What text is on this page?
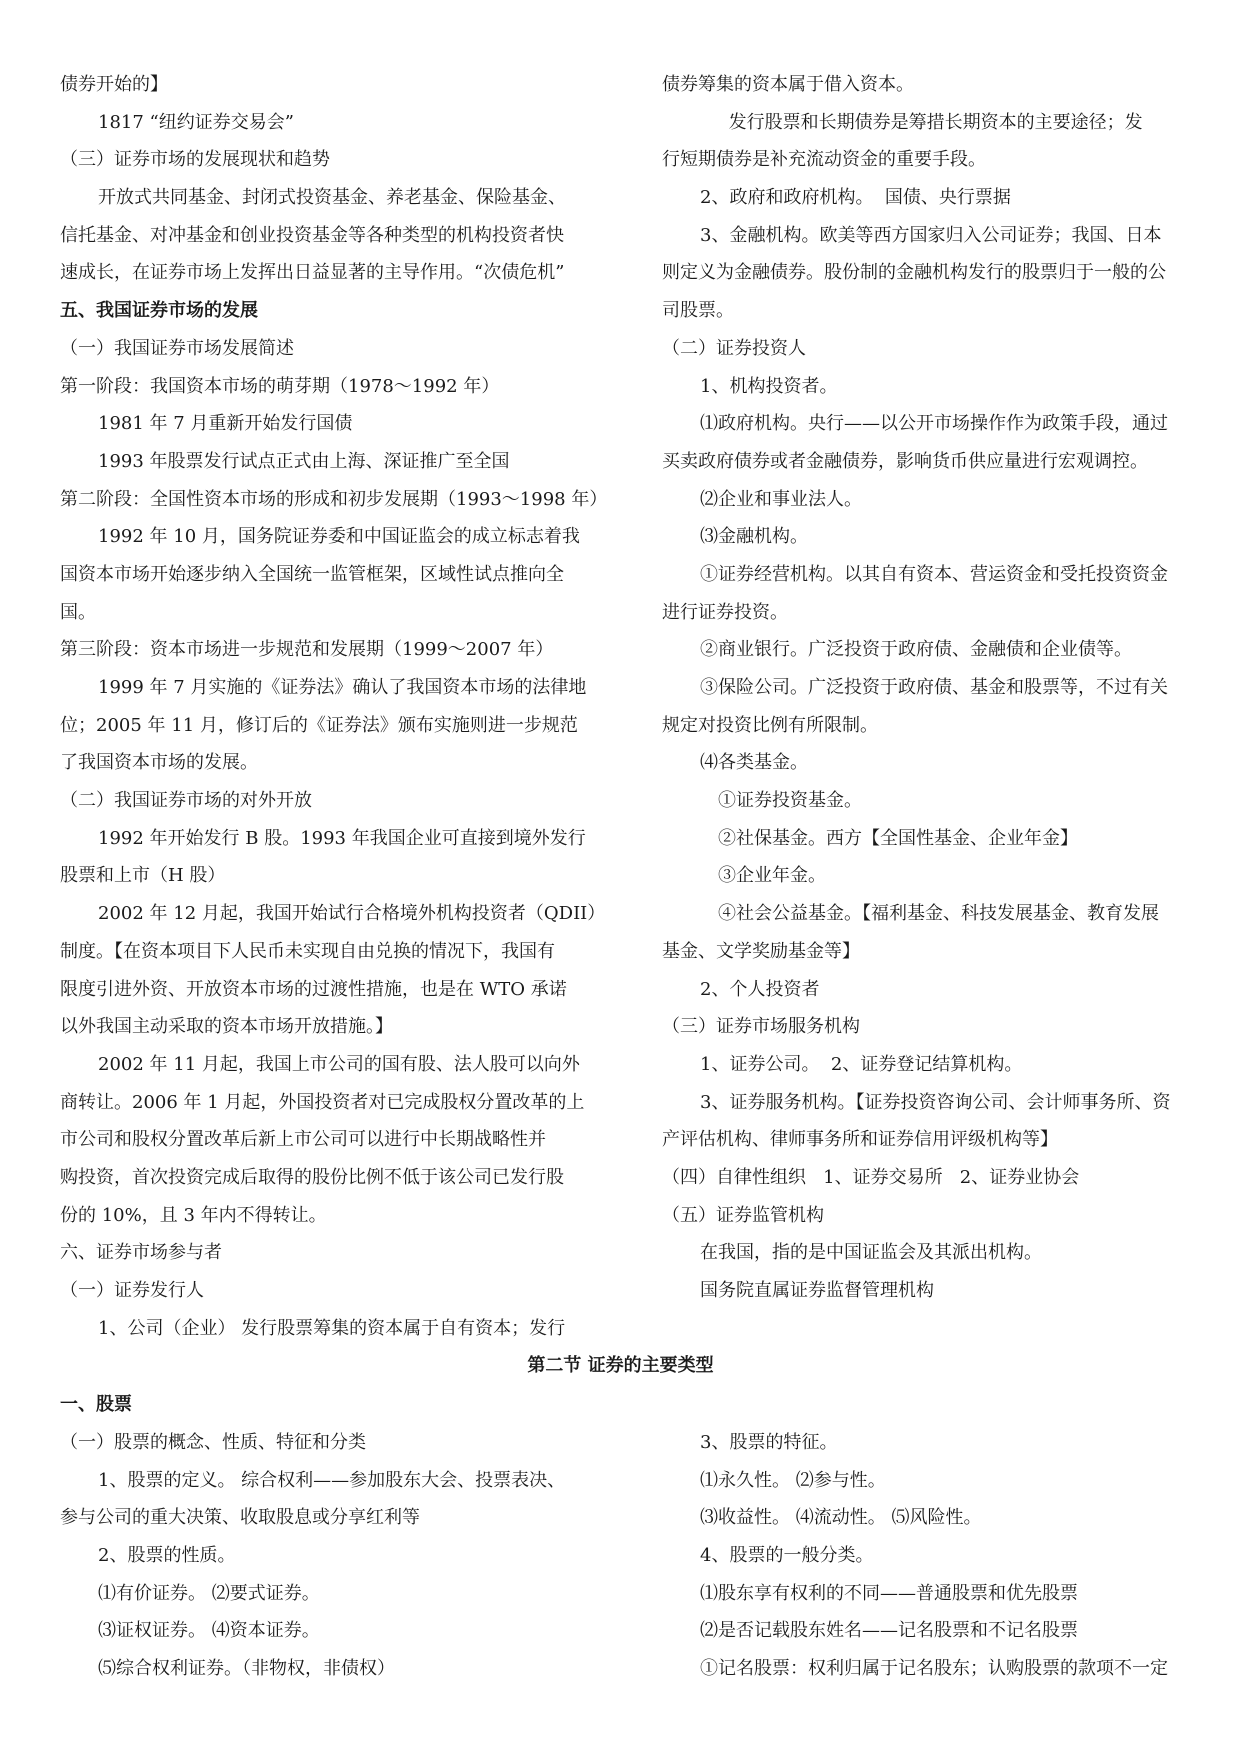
债券开始的】
1817 “纽约证券交易会”
（三）证券市场的发展现状和趋势
开放式共同基金、封闭式投资基金、养老基金、保险基金、
信托基金、对冲基金和创业投资基金等各种类型的机构投资者快
速成长，在证券市场上发挥出日益显著的主导作用。“次债危机”
五、我国证券市场的发展
（一）我国证券市场发展简述
第一阶段：我国资本市场的萌芽期（1978～1992 年）
1981 年 7 月重新开始发行国债
1993 年股票发行试点正式由上海、深证推广至全国
第二阶段：全国性资本市场的形成和初步发展期（1993～1998 年）
1992 年 10 月，国务院证券委和中国证监会的成立标志着我
国资本市场开始逐步纳入全国统一监管框架，区域性试点推向全
国。
第三阶段：资本市场进一步规范和发展期（1999～2007 年）
1999 年 7 月实施的《证券法》确认了我国资本市场的法律地
位；2005 年 11 月，修订后的《证券法》颁布实施则进一步规范
了我国资本市场的发展。
（二）我国证券市场的对外开放
1992 年开始发行 B 股。1993 年我国企业可直接到境外发行
股票和上市（H 股）
2002 年 12 月起，我国开始试行合格境外机构投资者（QDII）
制度。【在资本项目下人民币未实现自由兑换的情况下，我国有
限度引进外资、开放资本市场的过渡性措施，也是在 WTO 承诺
以外我国主动采取的资本市场开放措施。】
2002 年 11 月起，我国上市公司的国有股、法人股可以向外
商转让。2006 年 1 月起，外国投资者对已完成股权分置改革的上
市公司和股权分置改革后新上市公司可以进行中长期战略性并
购投资，首次投资完成后取得的股份比例不低于该公司已发行股
份的 10%，且 3 年内不得转让。
六、证券市场参与者
（一）证券发行人
1、公司（企业） 发行股票筹集的资本属于自有资本；发行
债券筹集的资本属于借入资本。
发行股票和长期债券是筹措长期资本的主要途径；发
行短期债券是补充流动资金的重要手段。
2、政府和政府机构。  国债、央行票据
3、金融机构。欧美等西方国家归入公司证券；我国、日本
则定义为金融债券。股份制的金融机构发行的股票归于一般的公
司股票。
（二）证券投资人
1、机构投资者。
⑴政府机构。央行——以公开市场操作作为政策手段，通过
买卖政府债券或者金融债券，影响货币供应量进行宏观调控。
⑵企业和事业法人。
⑶金融机构。
①证券经营机构。以其自有资本、营运资金和受托投资资金
进行证券投资。
②商业银行。广泛投资于政府债、金融债和企业债等。
③保险公司。广泛投资于政府债、基金和股票等，不过有关
规定对投资比例有所限制。
⑷各类基金。
①证券投资基金。
②社保基金。西方【全国性基金、企业年金】
③企业年金。
④社会公益基金。【福利基金、科技发展基金、教育发展
基金、文学奖励基金等】
2、个人投资者
（三）证券市场服务机构
1、证券公司。  2、证券登记结算机构。
3、证券服务机构。【证券投资咨询公司、会计师事务所、资
产评估机构、律师事务所和证券信用评级机构等】
（四）自律性组织   1、证券交易所   2、证券业协会
（五）证券监管机构
在我国，指的是中国证监会及其派出机构。
国务院直属证券监督管理机构
第二节 证券的主要类型
一、股票
（一）股票的概念、性质、特征和分类
1、股票的定义。 综合权利——参加股东大会、投票表决、
参与公司的重大决策、收取股息或分享红利等
2、股票的性质。
⑴有价证券。 ⑵要式证券。
⑶证权证券。 ⑷资本证券。
⑸综合权利证券。（非物权，非债权）
3、股票的特征。
⑴永久性。 ⑵参与性。
⑶收益性。 ⑷流动性。 ⑸风险性。
4、股票的一般分类。
⑴股东享有权利的不同——普通股票和优先股票
⑵是否记载股东姓名——记名股票和不记名股票
①记名股票：权利归属于记名股东；认购股票的款项不一定
